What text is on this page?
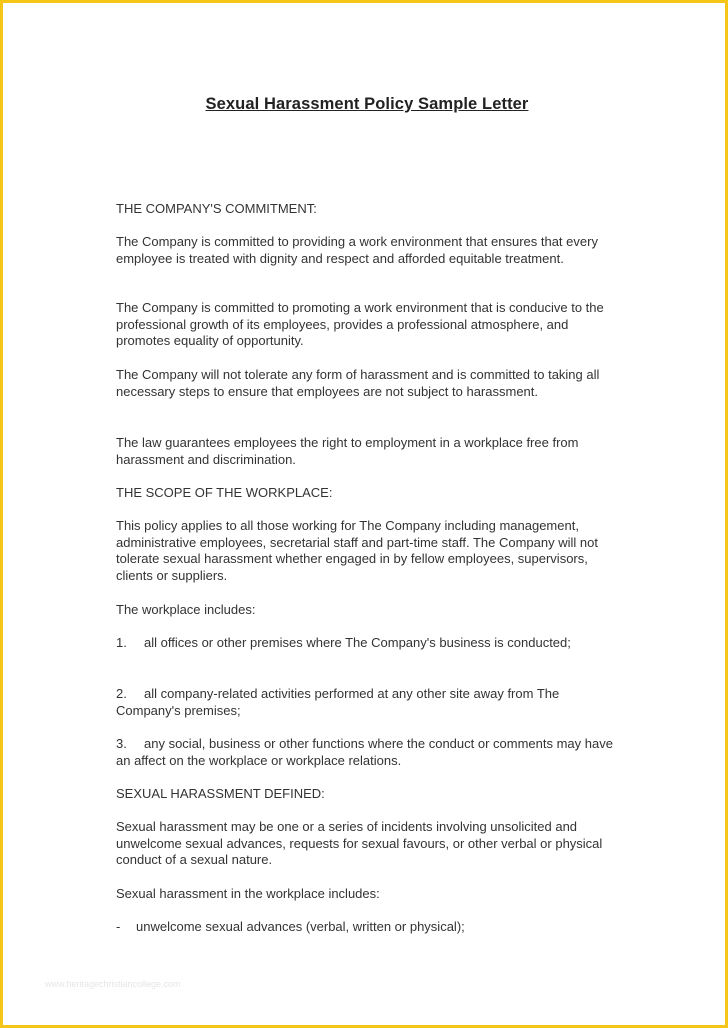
Sexual Harassment Policy Sample Letter

THE COMPANY'S COMMITMENT:

The Company is committed to providing a work environment that ensures that every employee is treated with dignity and respect and afforded equitable treatment.

The Company is committed to promoting a work environment that is conducive to the professional growth of its employees, provides a professional atmosphere, and promotes equality of opportunity.

The Company will not tolerate any form of harassment and is committed to taking all necessary steps to ensure that employees are not subject to harassment.

The law guarantees employees the right to employment in a workplace free from harassment and discrimination.

THE SCOPE OF THE WORKPLACE:

This policy applies to all those working for The Company including management, administrative employees, secretarial staff and part-time staff. The Company will not tolerate sexual harassment whether engaged in by fellow employees, supervisors, clients or suppliers.

The workplace includes:

1. all offices or other premises where The Company's business is conducted;

2. all company-related activities performed at any other site away from The Company's premises;

3. any social, business or other functions where the conduct or comments may have an affect on the workplace or workplace relations.

SEXUAL HARASSMENT DEFINED:

Sexual harassment may be one or a series of incidents involving unsolicited and unwelcome sexual advances, requests for sexual favours, or other verbal or physical conduct of a sexual nature.

Sexual harassment in the workplace includes:

- unwelcome sexual advances (verbal, written or physical);

www.heritagechristiancollege.com
